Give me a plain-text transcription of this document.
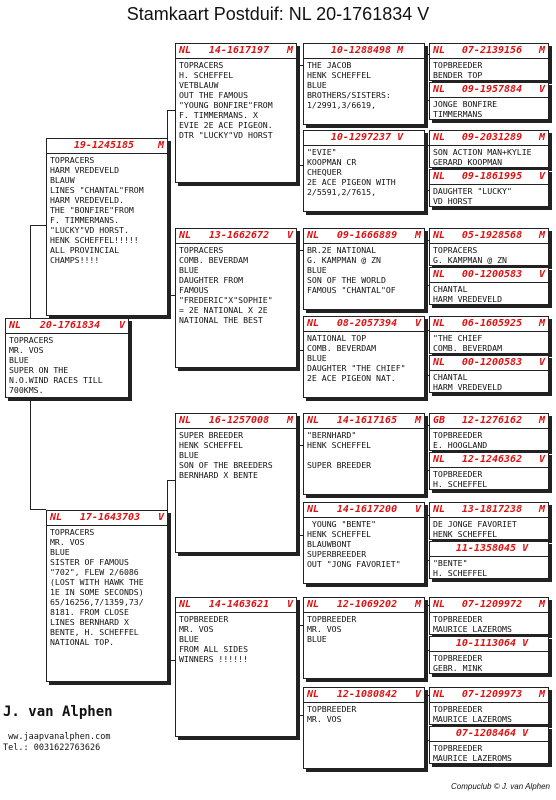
Stamkaart Postduif: NL 20-1761834 V
NL 20-1761834 V
TOPRACERS
MR. VOS
BLUE
SUPER ON THE
N.O.WIND RACES TILL
700KMS.
19-1245185 M
TOPRACERS
HARM VREDEVELD
BLAUW
LINES "CHANTAL"FROM
HARM VREDEVELD.
THE "BONFIRE"FROM
F. TIMMERMANS.
"LUCKY"VD HORST.
HENK SCHEFFEL!!!!!
ALL PROVINCIAL
CHAMPS!!!!
NL 17-1643703 V
TOPRACERS
MR. VOS
BLUE
SISTER OF FAMOUS
"702", FLEW 2/6086
(LOST WITH HAWK THE
1E IN SOME SECONDS)
65/16256,7/1359,73/
8181. FROM CLOSE
LINES BERNHARD X
BENTE, H. SCHEFFEL
NATIONAL TOP.
NL 14-1617197 M
TOPRACERS
H. SCHEFFEL
VETBLAUW
OUT THE FAMOUS
"YOUNG BONFIRE"FROM
F. TIMMERMANS. X
EVIE 2E ACE PIGEON.
DTR "LUCKY"VD HORST
NL 13-1662672 V
TOPRACERS
COMB. BEVERDAM
BLUE
DAUGHTER FROM
FAMOUS
"FREDERIC"X"SOPHIE"
= 2E NATIONAL X 2E
NATIONAL THE BEST
NL 16-1257008 M
SUPER BREEDER
HENK SCHEFFEL
BLUE
SON OF THE BREEDERS
BERNHARD X BENTE
NL 14-1463621 V
TOPBREEDER
MR. VOS
BLUE
FROM ALL SIDES
WINNERS !!!!!!
10-1288498 M
THE JACOB
HENK SCHEFFEL
BLUE
BROTHERS/SISTERS:
1/2991,3/6619,
10-1297237 V
"EVIE"
KOOPMAN CR
CHEQUER
2E ACE PIGEON WITH
2/5591,2/7615,
NL 09-1666889 M
BR.2E NATIONAL
G. KAMPMAN @ ZN
BLUE
SON OF THE WORLD
FAMOUS "CHANTAL"OF
NL 08-2057394 V
NATIONAL TOP
COMB. BEVERDAM
BLUE
DAUGHTER "THE CHIEF"
2E ACE PIGEON NAT.
NL 14-1617165 M
"BERNHARD"
HENK SCHEFFEL

SUPER BREEDER
NL 14-1617200 V
YOUNG "BENTE"
HENK SCHEFFEL
BLAUWBONT
SUPERBREEDER
OUT "JONG FAVORIET"
NL 12-1069202 M
TOPBREEDER
MR. VOS
BLUE
NL 12-1080842 V
TOPBREEDER
MR. VOS
NL 07-2139156 M
TOPBREEDER
BENDER TOP
NL 09-1957884 V
JONGE BONFIRE
TIMMERMANS
NL 09-2031289 M
SON ACTION MAN+KYLIE
GERARD KOOPMAN
NL 09-1861995 V
DAUGHTER "LUCKY"
VD HORST
NL 05-1928568 M
TOPRACERS
G. KAMPMAN @ ZN
NL 00-1200583 V
CHANTAL
HARM VREDEVELD
NL 06-1605925 M
"THE CHIEF
COMB. BEVERDAM
NL 00-1200583 V
CHANTAL
HARM VREDEVELD
GB 12-1276162 M
TOPBREEDER
E. HOOGLAND
NL 12-1246362 V
TOPBREEDER
H. SCHEFFEL
NL 13-1817238 M
DE JONGE FAVORIET
HENK SCHEFFEL
11-1358045 V
"BENTE"
H. SCHEFFEL
NL 07-1209972 M
TOPBREEDER
MAURICE LAZEROMS
10-1113064 V
TOPBREEDER
GEBR. MINK
NL 07-1209973 M
TOPBREEDER
MAURICE LAZEROMS
07-1208464 V
TOPBREEDER
MAURICE LAZEROMS
J. van Alphen
ww.jaapvanalphen.com
Tel.: 0031622763626
Compuclub © J. van Alphen
